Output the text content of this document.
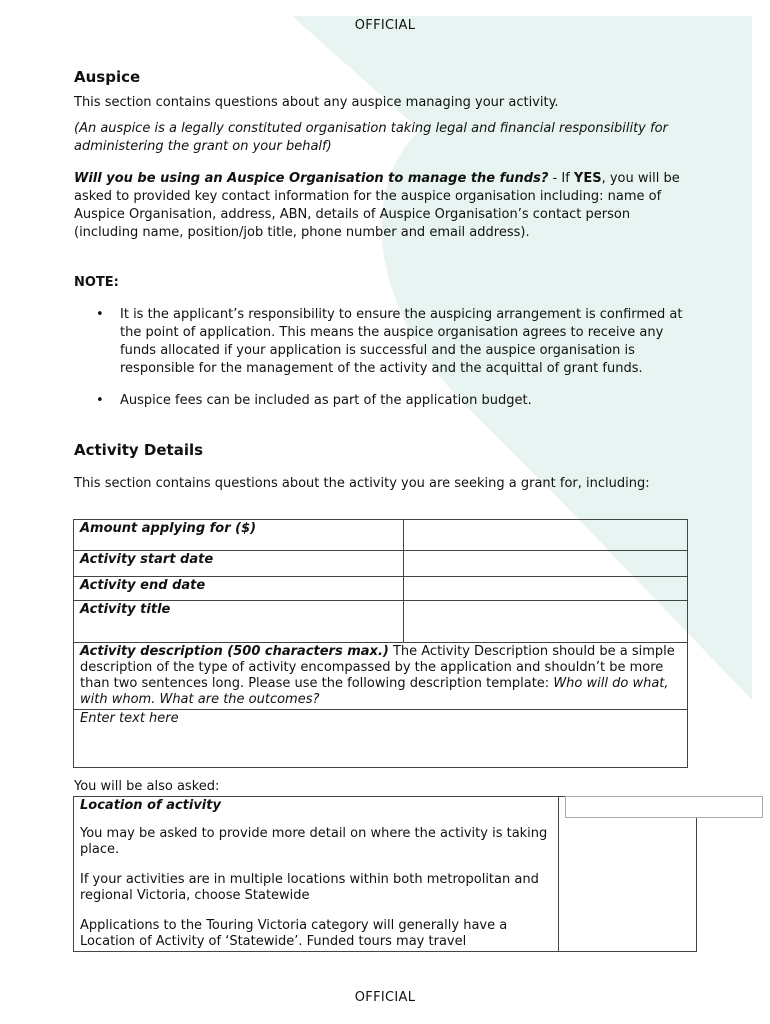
OFFICIAL
Auspice

This section contains questions about any auspice managing your activity.

(An auspice is a legally constituted organisation taking legal and financial responsibility for administering the grant on your behalf)

Will you be using an Auspice Organisation to manage the funds? - If YES, you will be asked to provided key contact information for the auspice organisation including: name of Auspice Organisation, address, ABN, details of Auspice Organisation’s contact person (including name, position/job title, phone number and email address).

NOTE:

• It is the applicant’s responsibility to ensure the auspicing arrangement is confirmed at the point of application. This means the auspice organisation agrees to receive any funds allocated if your application is successful and the auspice organisation is responsible for the management of the activity and the acquittal of grant funds.
• Auspice fees can be included as part of the application budget.
Activity Details

This section contains questions about the activity you are seeking a grant for, including:

You will be also asked:

Amount applying for ($)	
Activity start date	
Activity end date	
Activity title	
Activity description (500 characters max.) The Activity Description should be a simple description of the type of activity encompassed by the application and shouldn’t be more than two sentences long. Please use the following description template: Who will do what, with whom. What are the outcomes?	
Enter text here	
Location of activity

You may be asked to provide more detail on where the activity is taking place.

If your activities are in multiple locations within both metropolitan and regional Victoria, choose Statewide

Applications to the Touring Victoria category will generally have a Location of Activity of ‘Statewide’. Funded tours may travel

OFFICIAL
